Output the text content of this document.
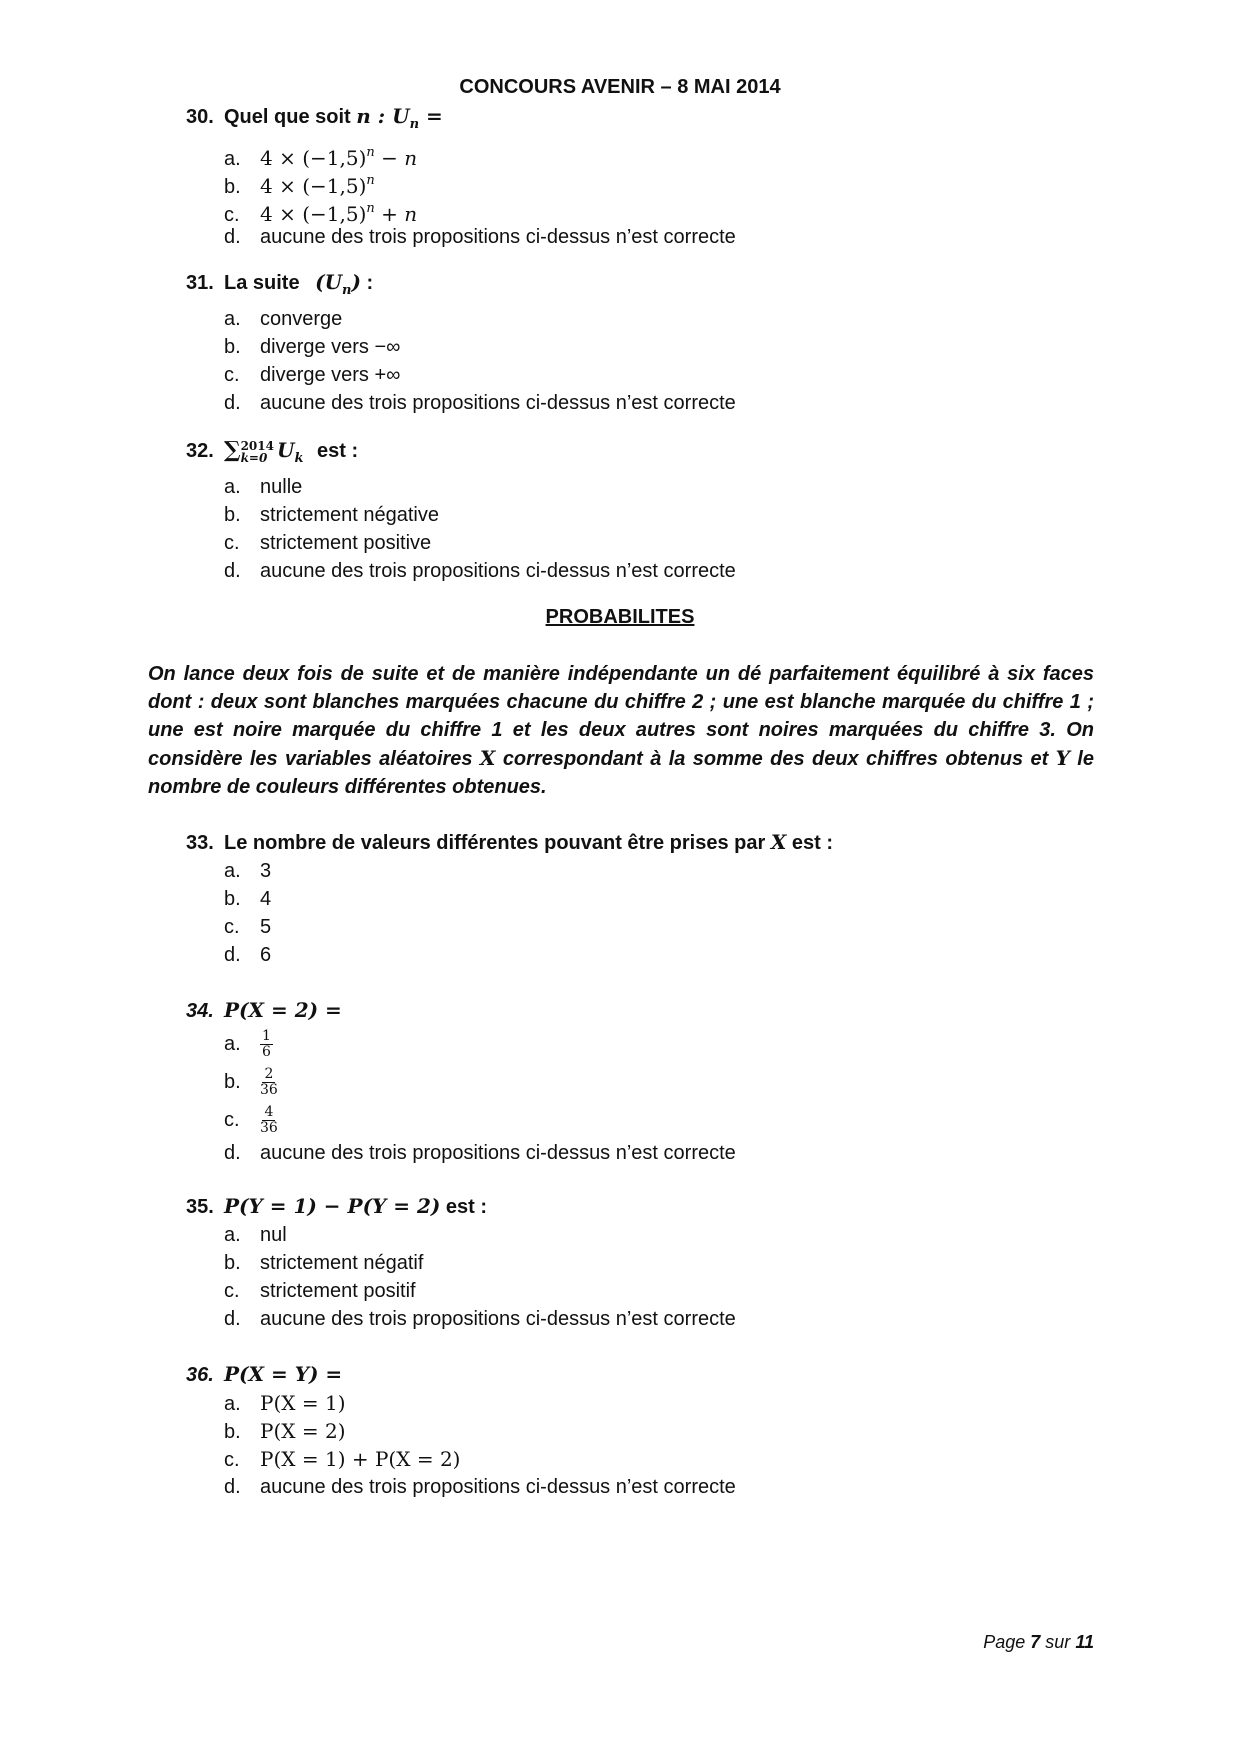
CONCOURS AVENIR – 8 MAI 2014
30. Quel que soit n : $U_n$ =
a. $4 \times (-1,5)^n - n$
b. $4 \times (-1,5)^n$
c. $4 \times (-1,5)^n + n$
d. aucune des trois propositions ci-dessus n’est correcte
31. La suite $(U_n)$ :
a. converge
b. diverge vers −∞
c. diverge vers +∞
d. aucune des trois propositions ci-dessus n’est correcte
32. ∑ 2014
k=0 $U_k$ est :
a. nulle
b. strictement négative
c. strictement positive
d. aucune des trois propositions ci-dessus n’est correcte
PROBABILITES
On lance deux fois de suite et de manière indépendante un dé parfaitement équilibré à six faces dont : deux sont blanches marquées chacune du chiffre 2 ; une est blanche marquée du chiffre 1 ; une est noire marquée du chiffre 1 et les deux autres sont noires marquées du chiffre 3. On considère les variables aléatoires X correspondant à la somme des deux chiffres obtenus et Y le nombre de couleurs différentes obtenues.
33. Le nombre de valeurs différentes pouvant être prises par X est :
a. 3
b. 4
c. 5
d. 6
34. P(X = 2) =
a. $\frac{1}{6}$
b. $\frac{2}{36}$
c. $\frac{4}{36}$
d. aucune des trois propositions ci-dessus n’est correcte
35. P(Y = 1) − P(Y = 2) est :
a. nul
b. strictement négatif
c. strictement positif
d. aucune des trois propositions ci-dessus n’est correcte
36. P(X = Y) =
a. P(X = 1)
b. P(X = 2)
c. P(X = 1) + P(X = 2)
d. aucune des trois propositions ci-dessus n’est correcte
Page 7 sur 11
